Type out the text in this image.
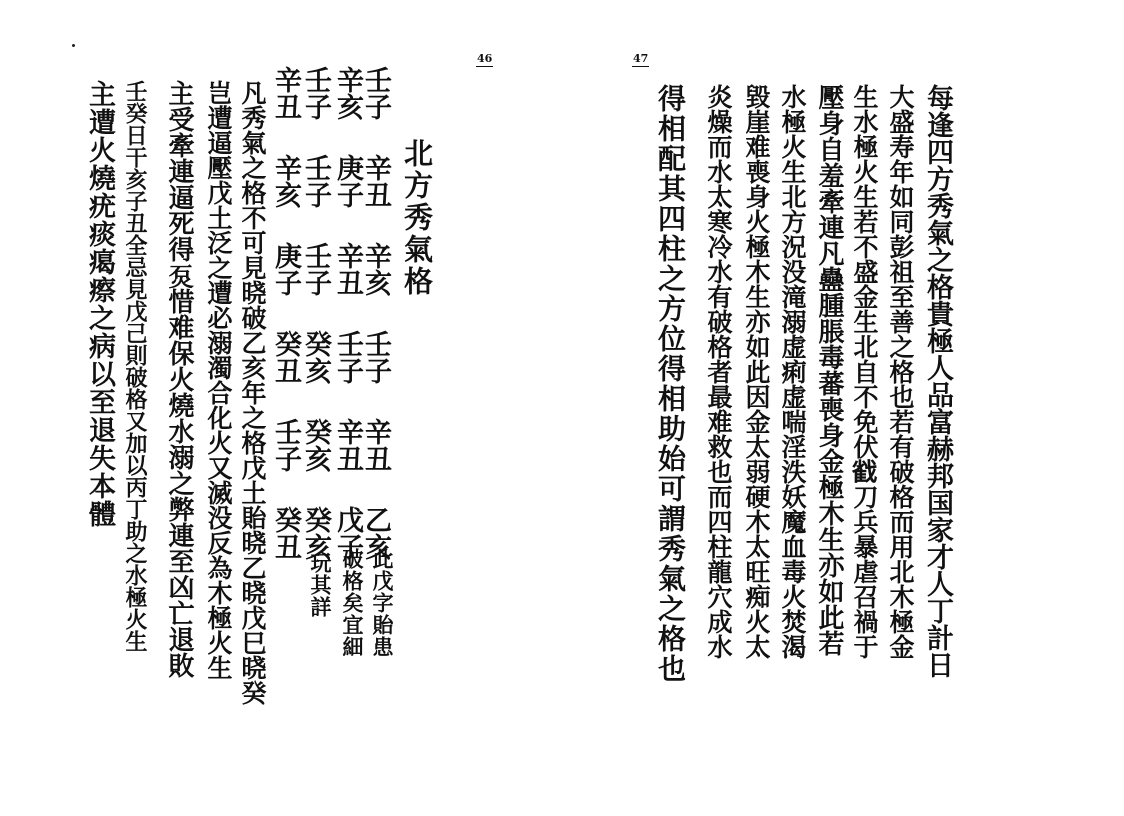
46
北方秀氣格
壬子
辛丑
辛亥
壬子
辛丑
乙亥
辛亥
庚子
辛丑
壬子
辛丑
戊子
壬子
壬子
壬子
癸亥
癸亥
癸亥
辛丑
辛亥
庚子
癸丑
壬子
癸丑
此戊字貽患
破格矣宜細
玩其詳
凡秀氣之格不可見𣇈破乙亥年之格戊土貽𣇈乙𣇈戊巳𣇈癸
岂遭逼壓戊土泛之遭必溺濁合化火又滅没反為木極火生
主受牽連逼死得𤇈惜难保火燒水溺之㢢連至凶亡退敗
壬癸日干亥子丑全忌見戊己則破格又加以丙丁助之水極火生
主遭火燒疣痰𤸎瘵之病以至退失本體
47
每逢四方秀氣之格貴極人品富赫邦国家才人丁計日
大盛寿年如同彭祖至善之格也若有破格而用北木極金
生水極火生若不盛金生北自不免伏𢧵刀兵暴虐召禍于
壓身自羞牽連凡蠱腫脹毒蕃喪身金極木生亦如此若
水極火生北方況没滝溺虚痢虚喘淫泆妖魔血毒火焚渴
毀崖难喪身火極木生亦如此因金太弱硬木太旺痴火太
炎燥而水太寒冷水有破格者最难救也而四柱龍穴成水
得相配其四柱之方位得相助始可謂秀氣之格也
